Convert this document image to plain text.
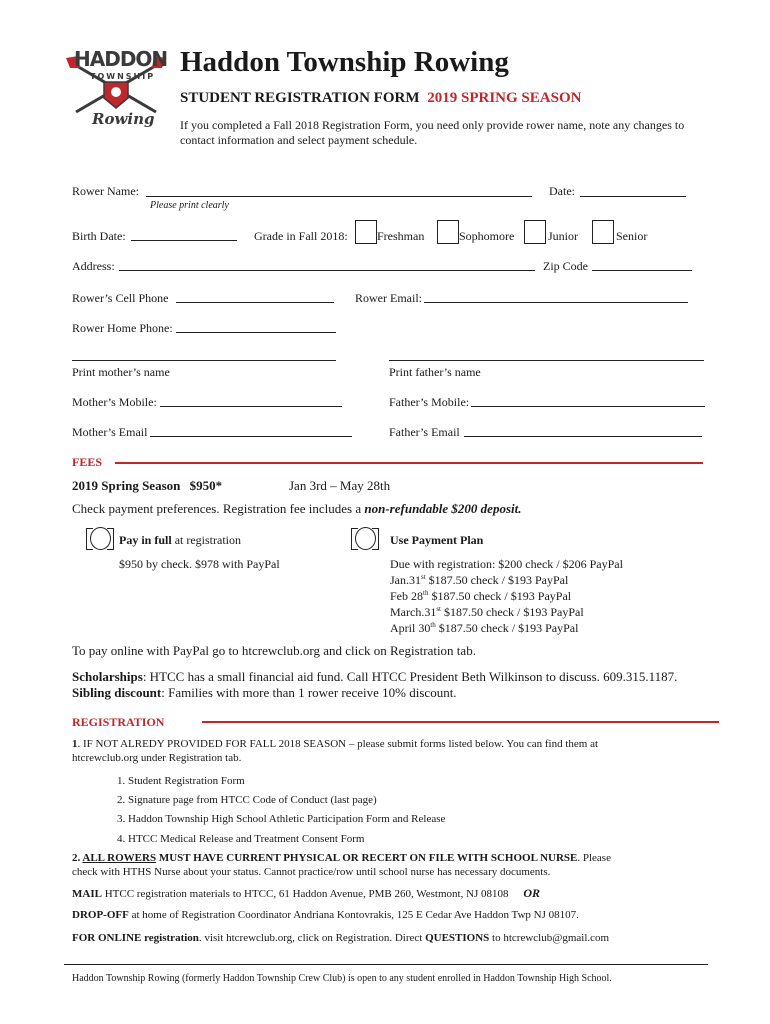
HADDON
TOWNSHIP
Rowing
Haddon Township Rowing
STUDENT REGISTRATION FORM 2019 SPRING SEASON
If you completed a Fall 2018 Registration Form, you need only provide rower name, note any changes to
contact information and select payment schedule.
Rower Name:	Date:
Please print clearly
Birth Date:	Grade in Fall 2018: Freshman	Sophomore	Junior	Senior
Address:	Zip Code
Rower’s Cell Phone	Rower Email:
Rower Home Phone:
Print mother’s name	Print father’s name
Mother’s Mobile:	Father’s Mobile:
Mother’s Email	Father’s Email
FEES
2019 Spring Season $950*	Jan 3rd – May 28th
Check payment preferences. Registration fee includes a non-refundable $200 deposit.
Pay in full at registration
$950 by check. $978 with PayPal
Use Payment Plan
Due with registration: $200 check / $206 PayPal
Jan.31st $187.50 check / $193 PayPal
Feb 28th $187.50 check / $193 PayPal
March.31st $187.50 check / $193 PayPal
April 30th $187.50 check / $193 PayPal
To pay online with PayPal go to htcrewclub.org and click on Registration tab.
Scholarships: HTCC has a small financial aid fund. Call HTCC President Beth Wilkinson to discuss. 609.315.1187.
Sibling discount: Families with more than 1 rower receive 10% discount.
REGISTRATION
1. IF NOT ALREDY PROVIDED FOR FALL 2018 SEASON – please submit forms listed below. You can find them at
htcrewclub.org under Registration tab.
1. Student Registration Form
2. Signature page from HTCC Code of Conduct (last page)
3. Haddon Township High School Athletic Participation Form and Release
4. HTCC Medical Release and Treatment Consent Form
2. ALL ROWERS MUST HAVE CURRENT PHYSICAL OR RECERT ON FILE WITH SCHOOL NURSE. Please
check with HTHS Nurse about your status. Cannot practice/row until school nurse has necessary documents.
MAIL HTCC registration materials to HTCC, 61 Haddon Avenue, PMB 260, Westmont, NJ 08108 OR
DROP-OFF at home of Registration Coordinator Andriana Kontovrakis, 125 E Cedar Ave Haddon Twp NJ 08107.
FOR ONLINE registration. visit htcrewclub.org, click on Registration. Direct QUESTIONS to htcrewclub@gmail.com
Haddon Township Rowing (formerly Haddon Township Crew Club) is open to any student enrolled in Haddon Township High School.
